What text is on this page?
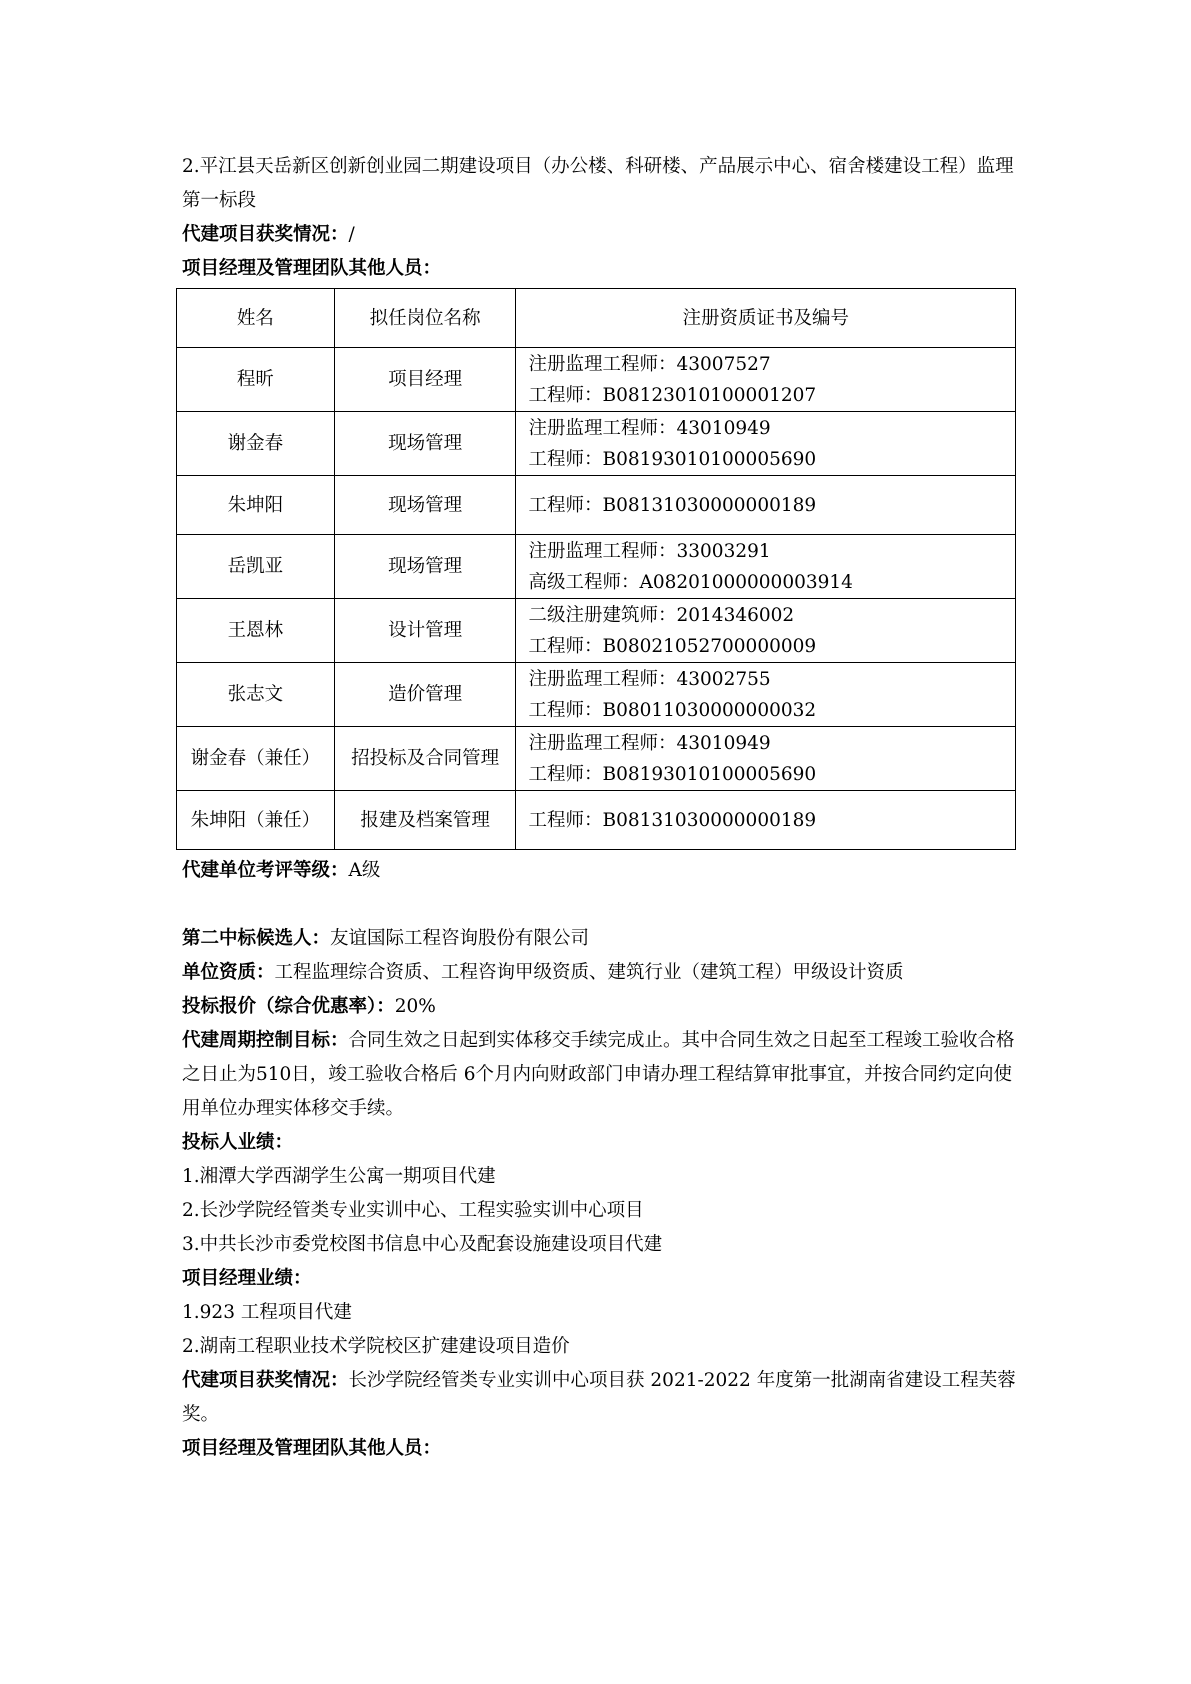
2.平江县天岳新区创新创业园二期建设项目（办公楼、科研楼、产品展示中心、宿舍楼建设工程）监理第一标段

代建项目获奖情况：/

项目经理及管理团队其他人员：

姓名	拟任岗位名称	注册资质证书及编号
程昕	项目经理	注册监理工程师：43007527
工程师：B08123010100001207

谢金春	现场管理	注册监理工程师：43010949
工程师：B08193010100005690

朱坤阳	现场管理	工程师：B08131030000000189

岳凯亚	现场管理	注册监理工程师：33003291
高级工程师：A08201000000003914

王恩林	设计管理	二级注册建筑师：2014346002
工程师：B08021052700000009

张志文	造价管理	注册监理工程师：43002755
工程师：B08011030000000032

谢金春（兼任）	招投标及合同管理	注册监理工程师：43010949
工程师：B08193010100005690

朱坤阳（兼任）	报建及档案管理	工程师：B08131030000000189

代建单位考评等级：A级

第二中标候选人：友谊国际工程咨询股份有限公司

单位资质：工程监理综合资质、工程咨询甲级资质、建筑行业（建筑工程）甲级设计资质

投标报价（综合优惠率）：20%

代建周期控制目标：合同生效之日起到实体移交手续完成止。其中合同生效之日起至工程竣工验收合格之日止为510日，竣工验收合格后 6个月内向财政部门申请办理工程结算审批事宜，并按合同约定向使用单位办理实体移交手续。

投标人业绩：

1.湘潭大学西湖学生公寓一期项目代建

2.长沙学院经管类专业实训中心、工程实验实训中心项目

3.中共长沙市委党校图书信息中心及配套设施建设项目代建

项目经理业绩：

1.923 工程项目代建

2.湖南工程职业技术学院校区扩建建设项目造价

代建项目获奖情况：长沙学院经管类专业实训中心项目获 2021-2022 年度第一批湖南省建设工程芙蓉奖。

项目经理及管理团队其他人员：
